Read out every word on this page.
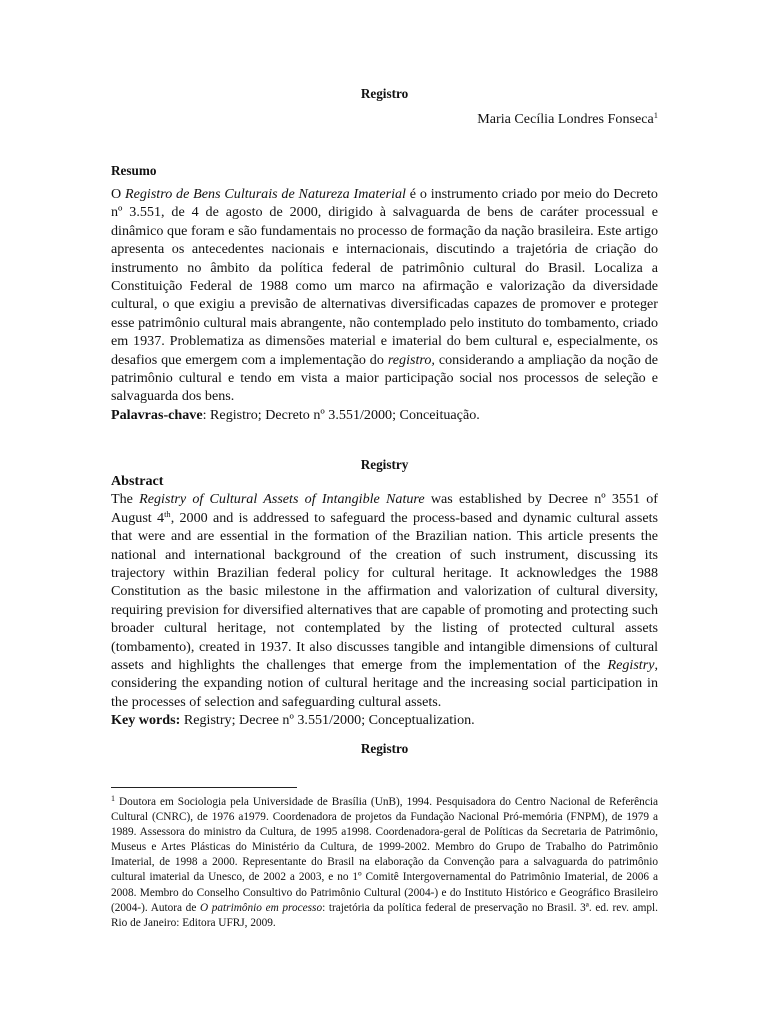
Registro

Maria Cecília Londres Fonseca$^1$

Resumo

O Registro de Bens Culturais de Natureza Imaterial é o instrumento criado por meio do Decreto nº 3.551, de 4 de agosto de 2000, dirigido à salvaguarda de bens de caráter processual e dinâmico que foram e são fundamentais no processo de formação da nação brasileira. Este artigo apresenta os antecedentes nacionais e internacionais, discutindo a trajetória de criação do instrumento no âmbito da política federal de patrimônio cultural do Brasil. Localiza a Constituição Federal de 1988 como um marco na afirmação e valorização da diversidade cultural, o que exigiu a previsão de alternativas diversificadas capazes de promover e proteger esse patrimônio cultural mais abrangente, não contemplado pelo instituto do tombamento, criado em 1937. Problematiza as dimensões material e imaterial do bem cultural e, especialmente, os desafios que emergem com a implementação do registro, considerando a ampliação da noção de patrimônio cultural e tendo em vista a maior participação social nos processos de seleção e salvaguarda dos bens.
Palavras-chave: Registro; Decreto nº 3.551/2000; Conceituação.

Registry

Abstract
The Registry of Cultural Assets of Intangible Nature was established by Decree nº 3551 of August 4th, 2000 and is addressed to safeguard the process-based and dynamic cultural assets that were and are essential in the formation of the Brazilian nation. This article presents the national and international background of the creation of such instrument, discussing its trajectory within Brazilian federal policy for cultural heritage. It acknowledges the 1988 Constitution as the basic milestone in the affirmation and valorization of cultural diversity, requiring prevision for diversified alternatives that are capable of promoting and protecting such broader cultural heritage, not contemplated by the listing of protected cultural assets (tombamento), created in 1937. It also discusses tangible and intangible dimensions of cultural assets and highlights the challenges that emerge from the implementation of the Registry, considering the expanding notion of cultural heritage and the increasing social participation in the processes of selection and safeguarding cultural assets.
Key words: Registry; Decree nº 3.551/2000; Conceptualization.

Registro

$^1$ Doutora em Sociologia pela Universidade de Brasília (UnB), 1994. Pesquisadora do Centro Nacional de Referência Cultural (CNRC), de 1976 a1979. Coordenadora de projetos da Fundação Nacional Pró-memória (FNPM), de 1979 a 1989. Assessora do ministro da Cultura, de 1995 a1998. Coordenadora-geral de Políticas da Secretaria de Patrimônio, Museus e Artes Plásticas do Ministério da Cultura, de 1999-2002. Membro do Grupo de Trabalho do Patrimônio Imaterial, de 1998 a 2000. Representante do Brasil na elaboração da Convenção para a salvaguarda do patrimônio cultural imaterial da Unesco, de 2002 a 2003, e no 1º Comitê Intergovernamental do Patrimônio Imaterial, de 2006 a 2008. Membro do Conselho Consultivo do Patrimônio Cultural (2004-) e do Instituto Histórico e Geográfico Brasileiro (2004-). Autora de O patrimônio em processo: trajetória da política federal de preservação no Brasil. 3ª. ed. rev. ampl. Rio de Janeiro: Editora UFRJ, 2009.
